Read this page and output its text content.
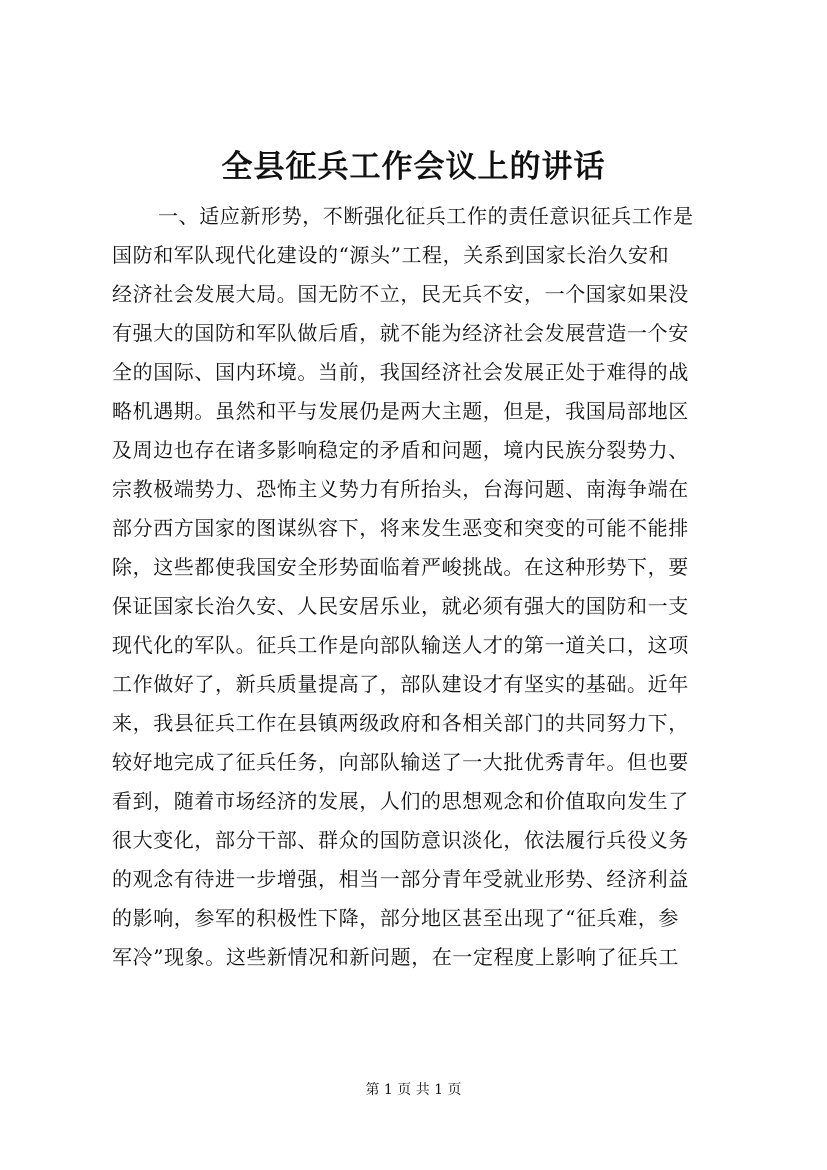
全县征兵工作会议上的讲话
一、适应新形势，不断强化征兵工作的责任意识征兵工作是
国防和军队现代化建设的“源头”工程，关系到国家长治久安和
经济社会发展大局。国无防不立，民无兵不安，一个国家如果没
有强大的国防和军队做后盾，就不能为经济社会发展营造一个安
全的国际、国内环境。当前，我国经济社会发展正处于难得的战
略机遇期。虽然和平与发展仍是两大主题，但是，我国局部地区
及周边也存在诸多影响稳定的矛盾和问题，境内民族分裂势力、
宗教极端势力、恐怖主义势力有所抬头，台海问题、南海争端在
部分西方国家的图谋纵容下，将来发生恶变和突变的可能不能排
除，这些都使我国安全形势面临着严峻挑战。在这种形势下，要
保证国家长治久安、人民安居乐业，就必须有强大的国防和一支
现代化的军队。征兵工作是向部队输送人才的第一道关口，这项
工作做好了，新兵质量提高了，部队建设才有坚实的基础。近年
来，我县征兵工作在县镇两级政府和各相关部门的共同努力下，
较好地完成了征兵任务，向部队输送了一大批优秀青年。但也要
看到，随着市场经济的发展，人们的思想观念和价值取向发生了
很大变化，部分干部、群众的国防意识淡化，依法履行兵役义务
的观念有待进一步增强，相当一部分青年受就业形势、经济利益
的影响，参军的积极性下降，部分地区甚至出现了“征兵难，参
军冷”现象。这些新情况和新问题，在一定程度上影响了征兵工
第 1 页 共 1 页
